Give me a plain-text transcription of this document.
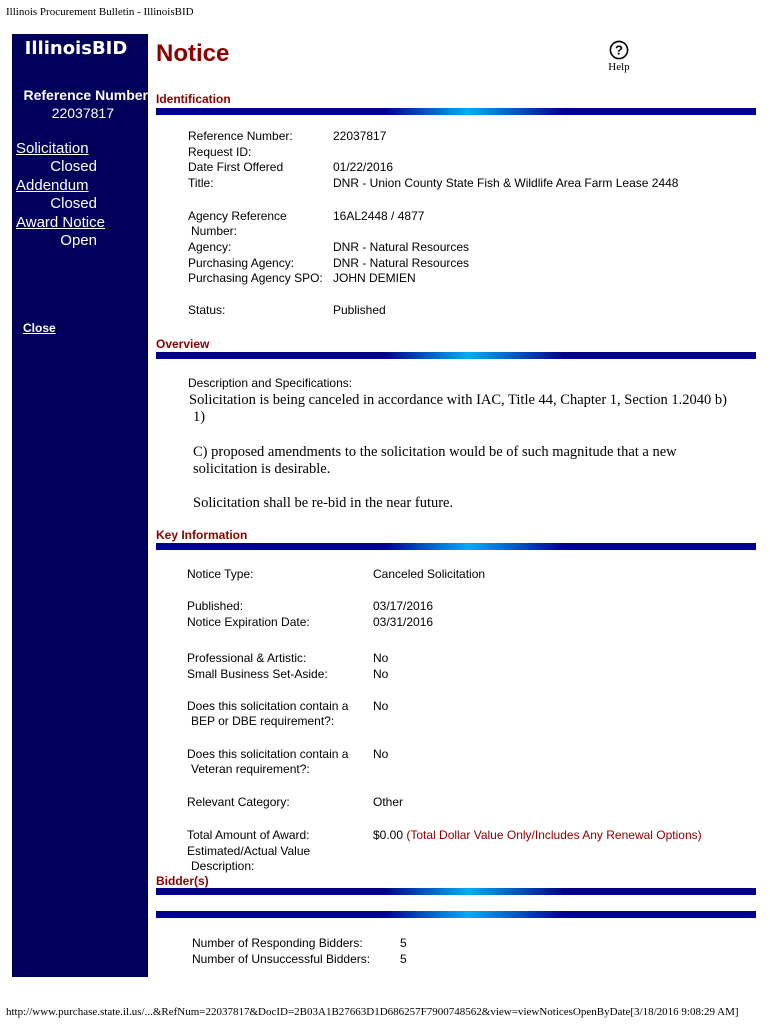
Illinois Procurement Bulletin - IllinoisBID
IllinoisBID
Reference Number
22037817
Solicitation
Closed
Addendum
Closed
Award Notice
Open
Close
Notice	?
Help
Identification
Reference Number:	22037817
Request ID:
Date First Offered	01/22/2016
Title:	DNR - Union County State Fish & Wildlife Area Farm Lease 2448
Agency Reference
Number:
16AL2448 / 4877
Agency:	DNR - Natural Resources
Purchasing Agency:	DNR - Natural Resources
Purchasing Agency SPO: JOHN DEMIEN
Status:	Published
Overview
Description and Specifications:
Solicitation is being canceled in accordance with IAC, Title 44, Chapter 1, Section 1.2040 b)
1)
C) proposed amendments to the solicitation would be of such magnitude that a new
solicitation is desirable.
Solicitation shall be re-bid in the near future.
Key Information
Notice Type:	Canceled Solicitation
Published:	03/17/2016
Notice Expiration Date:	03/31/2016
Professional & Artistic:	No
Small Business Set-Aside:	No
Does this solicitation contain a
BEP or DBE requirement?:
No
Does this solicitation contain a
Veteran requirement?:
No
Relevant Category:	Other
Total Amount of Award:	$0.00 (Total Dollar Value Only/Includes Any Renewal Options)
Estimated/Actual Value
Description:
Bidder(s)
Number of Responding Bidders:	5
Number of Unsuccessful Bidders: 5
http://www.purchase.state.il.us/...&RefNum=22037817&DocID=2B03A1B27663D1D686257F7900748562&view=viewNoticesOpenByDate[3/18/2016 9:08:29 AM]
